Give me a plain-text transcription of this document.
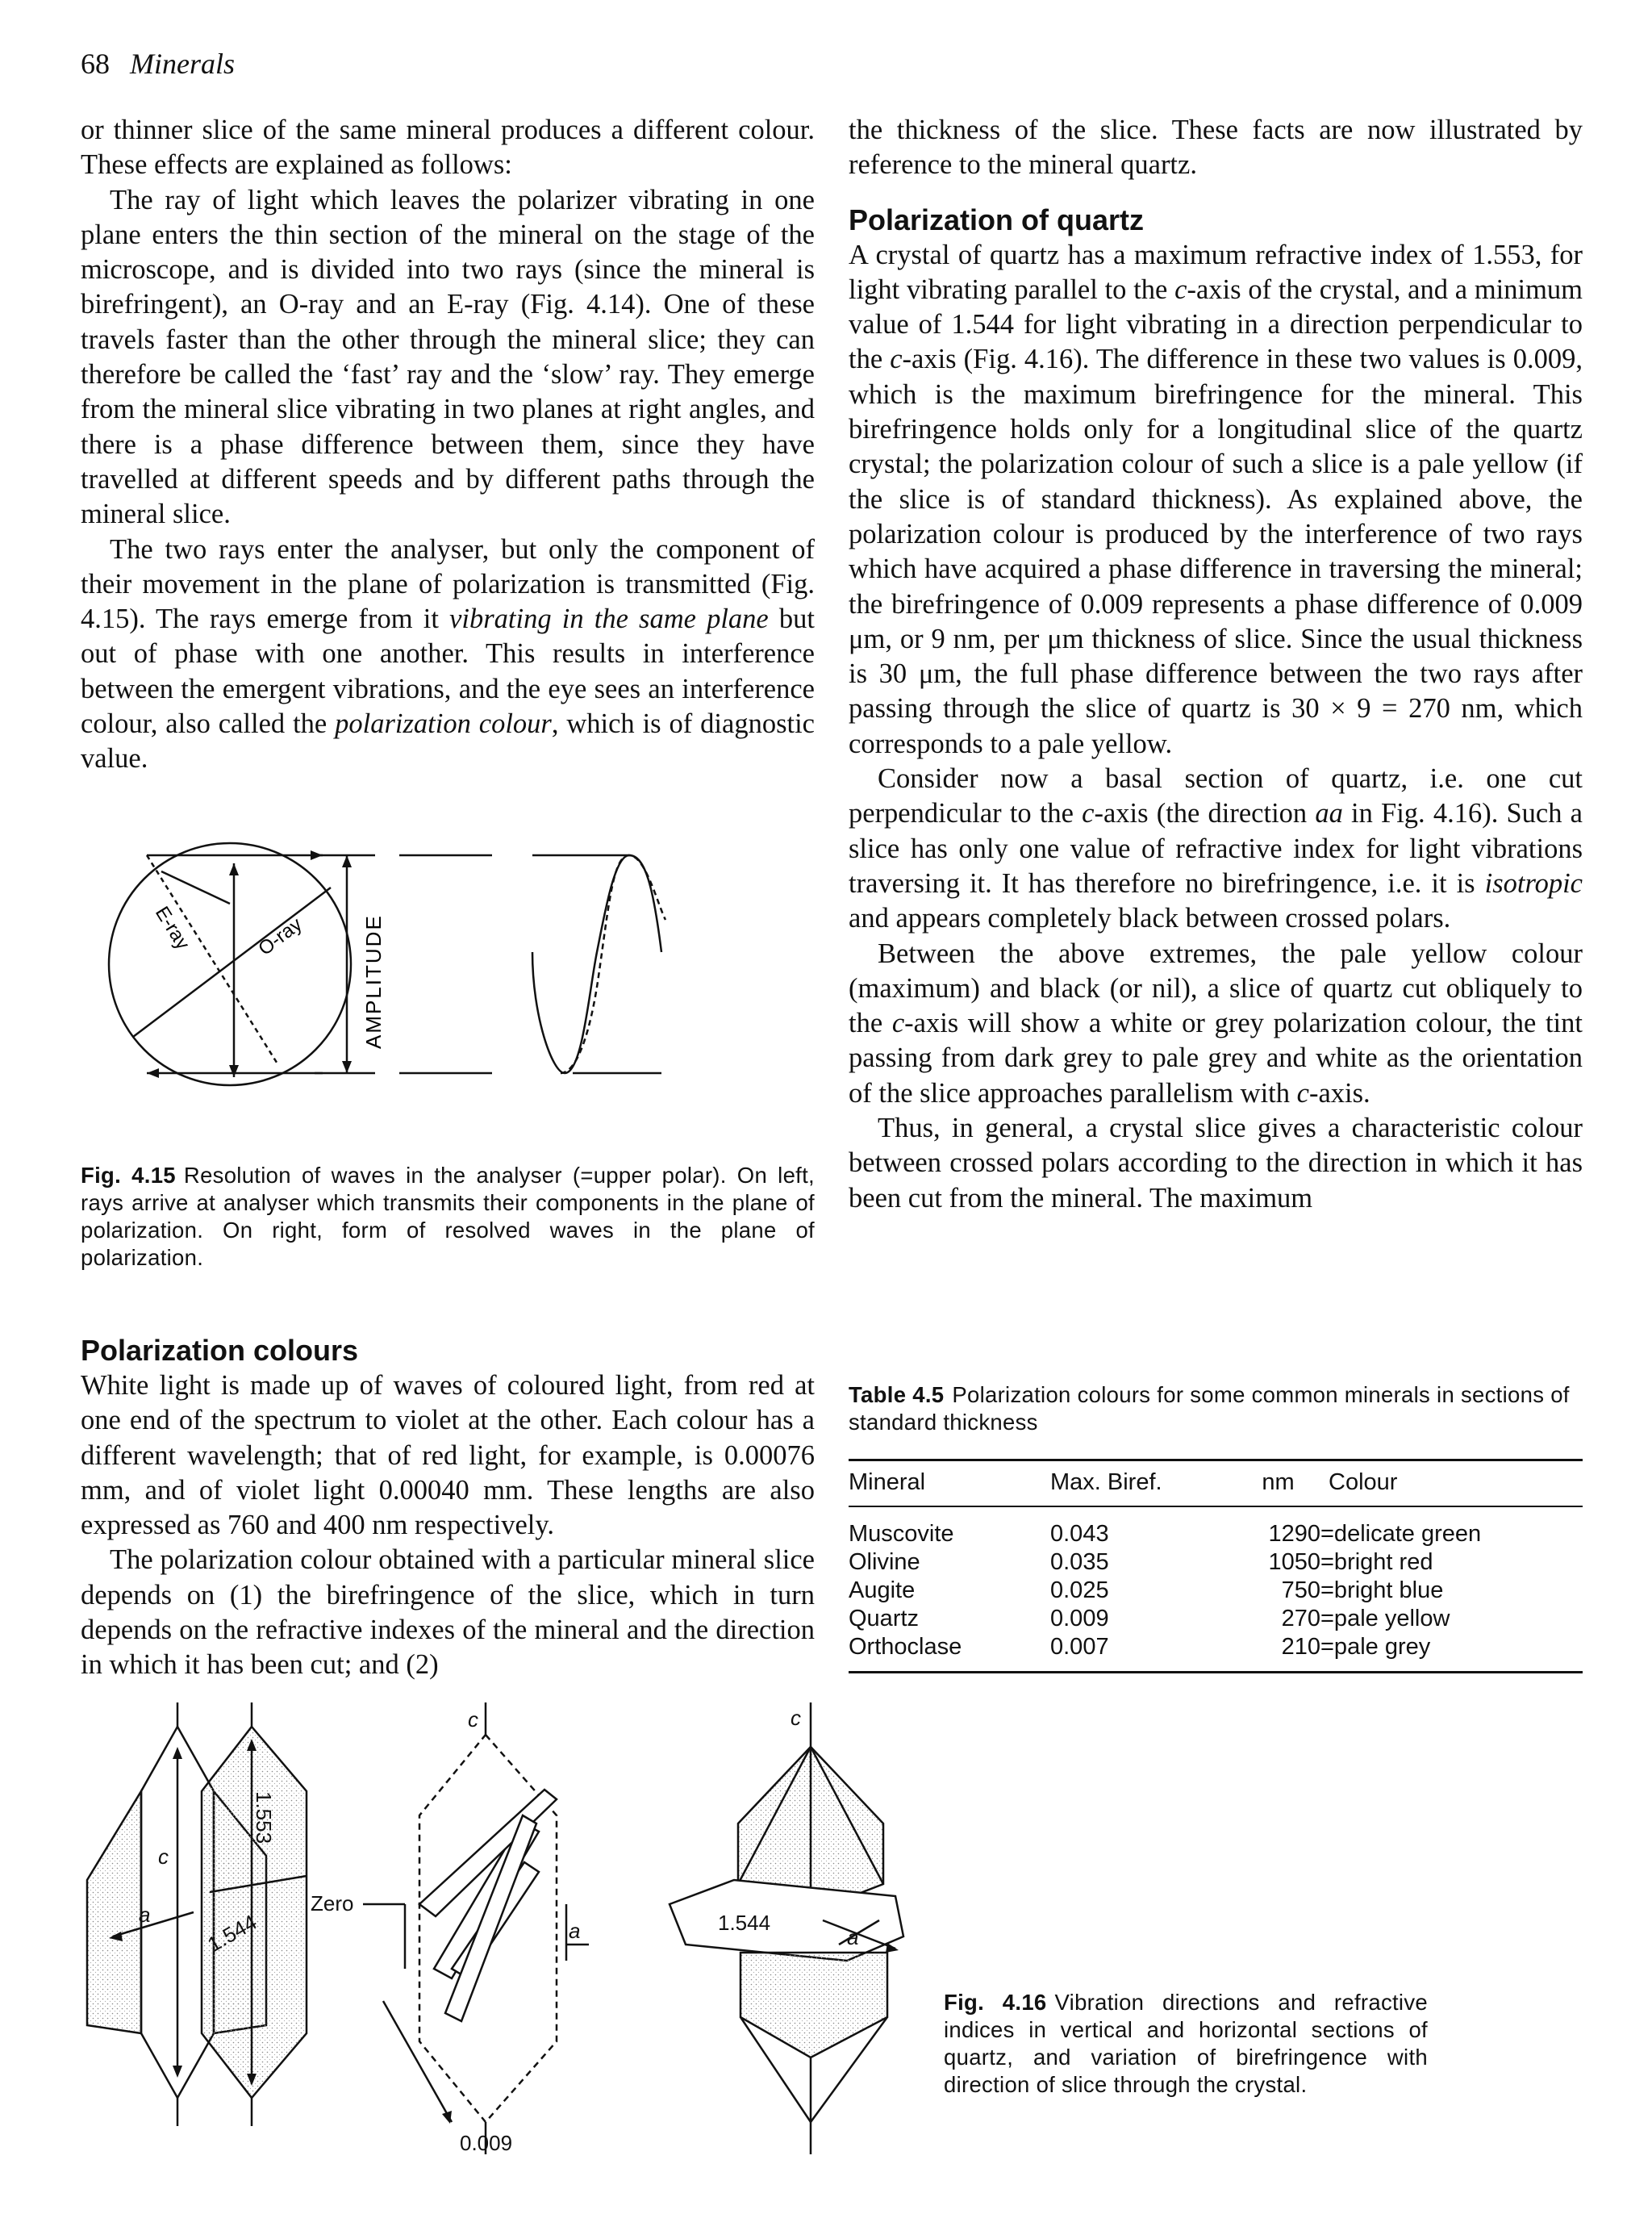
68 Minerals

or thinner slice of the same mineral produces a different colour. These effects are explained as follows:

The ray of light which leaves the polarizer vibrating in one plane enters the thin section of the mineral on the stage of the microscope, and is divided into two rays (since the mineral is birefringent), an O-ray and an E-ray (Fig. 4.14). One of these travels faster than the other through the mineral slice; they can therefore be called the ‘fast’ ray and the ‘slow’ ray. They emerge from the mineral slice vibrating in two planes at right angles, and there is a phase difference between them, since they have travelled at different speeds and by different paths through the mineral slice.

The two rays enter the analyser, but only the component of their movement in the plane of polarization is transmitted (Fig. 4.15). The rays emerge from it vibrating in the same plane but out of phase with one another. This results in interference between the emergent vibrations, and the eye sees an interference colour, also called the polarization colour, which is of diagnostic value.

E-ray	O-ray	AMPLITUDE
Fig. 4.15 Resolution of waves in the analyser (=upper polar). On left, rays arrive at analyser which transmits their components in the plane of polarization. On right, form of resolved waves in the plane of polarization.

Polarization colours

White light is made up of waves of coloured light, from red at one end of the spectrum to violet at the other. Each colour has a different wavelength; that of red light, for example, is 0.00076 mm, and of violet light 0.00040 mm. These lengths are also expressed as 760 and 400 nm respectively.

The polarization colour obtained with a particular mineral slice depends on (1) the birefringence of the slice, which in turn depends on the refractive indexes of the mineral and the direction in which it has been cut; and (2)

the thickness of the slice. These facts are now illustrated by reference to the mineral quartz.

Polarization of quartz

A crystal of quartz has a maximum refractive index of 1.553, for light vibrating parallel to the c-axis of the crystal, and a minimum value of 1.544 for light vibrating in a direction perpendicular to the c-axis (Fig. 4.16). The difference in these two values is 0.009, which is the maximum birefringence for the mineral. This birefringence holds only for a longitudinal slice of the quartz crystal; the polarization colour of such a slice is a pale yellow (if the slice is of standard thickness). As explained above, the polarization colour is produced by the interference of two rays which have acquired a phase difference in traversing the mineral; the birefringence of 0.009 represents a phase difference of 0.009 μm, or 9 nm, per μm thickness of slice. Since the usual thickness is 30 μm, the full phase difference between the two rays after passing through the slice of quartz is 30 × 9 = 270 nm, which corresponds to a pale yellow.

Consider now a basal section of quartz, i.e. one cut perpendicular to the c-axis (the direction aa in Fig. 4.16). Such a slice has only one value of refractive index for light vibrations traversing it. It has therefore no birefringence, i.e. it is isotropic and appears completely black between crossed polars.

Between the above extremes, the pale yellow colour (maximum) and black (or nil), a slice of quartz cut obliquely to the c-axis will show a white or grey polarization colour, the tint passing from dark grey to pale grey and white as the orientation of the slice approaches parallelism with c-axis.

Thus, in general, a crystal slice gives a characteristic colour between crossed polars according to the direction in which it has been cut from the mineral. The maximum

Table 4.5 Polarization colours for some common minerals in sections of standard thickness
Mineral	Max. Biref.	nm	Colour
Muscovite	0.043	1290	=delicate green
Olivine	0.035	1050	=bright red
Augite	0.025	750	=bright blue
Quartz	0.009	270	=pale yellow
Orthoclase	0.007	210	=pale grey
c
a
1.553
1.544
c
Zero
a
0.009
c
1.544
a
Fig. 4.16 Vibration directions and refractive indices in vertical and horizontal sections of quartz, and variation of birefringence with direction of slice through the crystal.
